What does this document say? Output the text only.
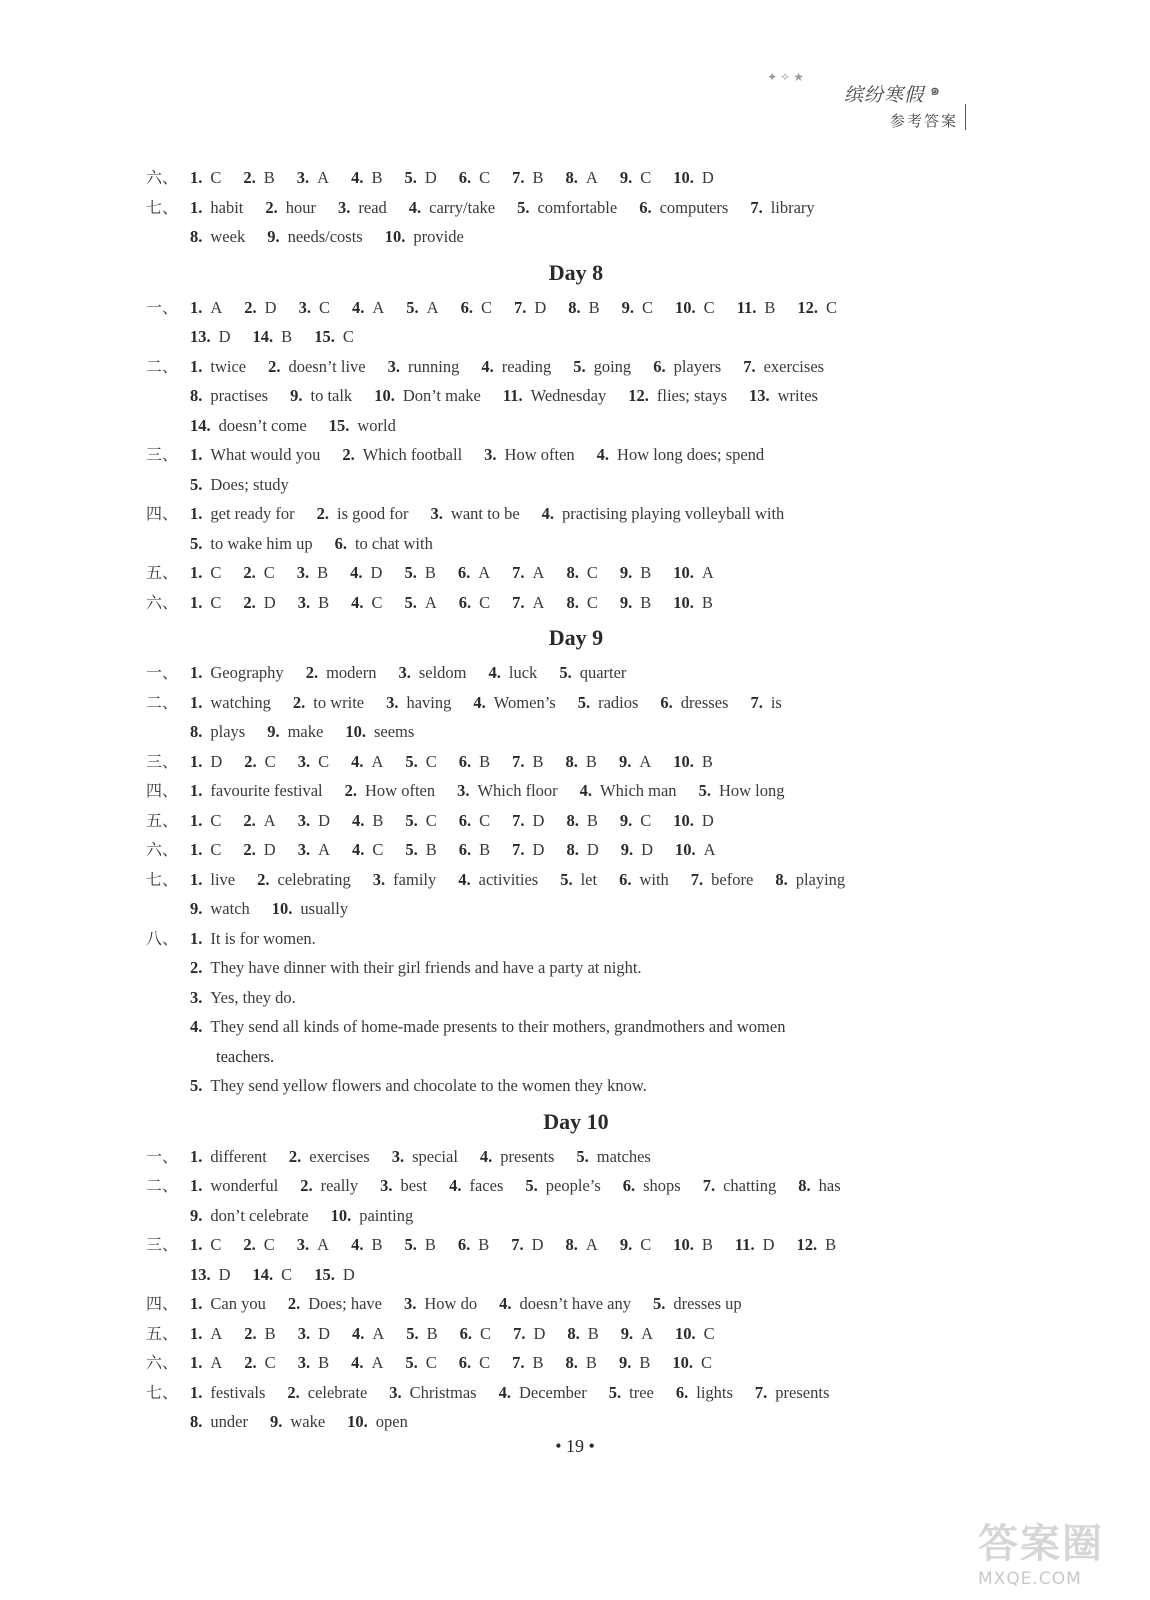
✦ ✧ ★
缤纷寒假 ๑
参考答案
六、 1. C 2. B 3. A 4. B 5. D 6. C 7. B 8. A 9. C 10. D
七、 1. habit 2. hour 3. read 4. carry/take 5. comfortable 6. computers 7. library
8. week 9. needs/costs 10. provide
Day 8
一、 1. A 2. D 3. C 4. A 5. A 6. C 7. D 8. B 9. C 10. C 11. B 12. C
13. D 14. B 15. C
二、 1. twice 2. doesn’t live 3. running 4. reading 5. going 6. players 7. exercises
8. practises 9. to talk 10. Don’t make 11. Wednesday 12. flies; stays 13. writes
14. doesn’t come 15. world
三、 1. What would you 2. Which football 3. How often 4. How long does; spend
5. Does; study
四、 1. get ready for 2. is good for 3. want to be 4. practising playing volleyball with
5. to wake him up 6. to chat with
五、 1. C 2. C 3. B 4. D 5. B 6. A 7. A 8. C 9. B 10. A
六、 1. C 2. D 3. B 4. C 5. A 6. C 7. A 8. C 9. B 10. B
Day 9
一、 1. Geography 2. modern 3. seldom 4. luck 5. quarter
二、 1. watching 2. to write 3. having 4. Women’s 5. radios 6. dresses 7. is
8. plays 9. make 10. seems
三、 1. D 2. C 3. C 4. A 5. C 6. B 7. B 8. B 9. A 10. B
四、 1. favourite festival 2. How often 3. Which floor 4. Which man 5. How long
五、 1. C 2. A 3. D 4. B 5. C 6. C 7. D 8. B 9. C 10. D
六、 1. C 2. D 3. A 4. C 5. B 6. B 7. D 8. D 9. D 10. A
七、 1. live 2. celebrating 3. family 4. activities 5. let 6. with 7. before 8. playing
9. watch 10. usually
八、 1. It is for women.
2. They have dinner with their girl friends and have a party at night.
3. Yes, they do.
4. They send all kinds of home-made presents to their mothers, grandmothers and women
teachers.
5. They send yellow flowers and chocolate to the women they know.
Day 10
一、 1. different 2. exercises 3. special 4. presents 5. matches
二、 1. wonderful 2. really 3. best 4. faces 5. people’s 6. shops 7. chatting 8. has
9. don’t celebrate 10. painting
三、 1. C 2. C 3. A 4. B 5. B 6. B 7. D 8. A 9. C 10. B 11. D 12. B
13. D 14. C 15. D
四、 1. Can you 2. Does; have 3. How do 4. doesn’t have any 5. dresses up
五、 1. A 2. B 3. D 4. A 5. B 6. C 7. D 8. B 9. A 10. C
六、 1. A 2. C 3. B 4. A 5. C 6. C 7. B 8. B 9. B 10. C
七、 1. festivals 2. celebrate 3. Christmas 4. December 5. tree 6. lights 7. presents
8. under 9. wake 10. open
• 19 •
答案圈
MXQE.COM
